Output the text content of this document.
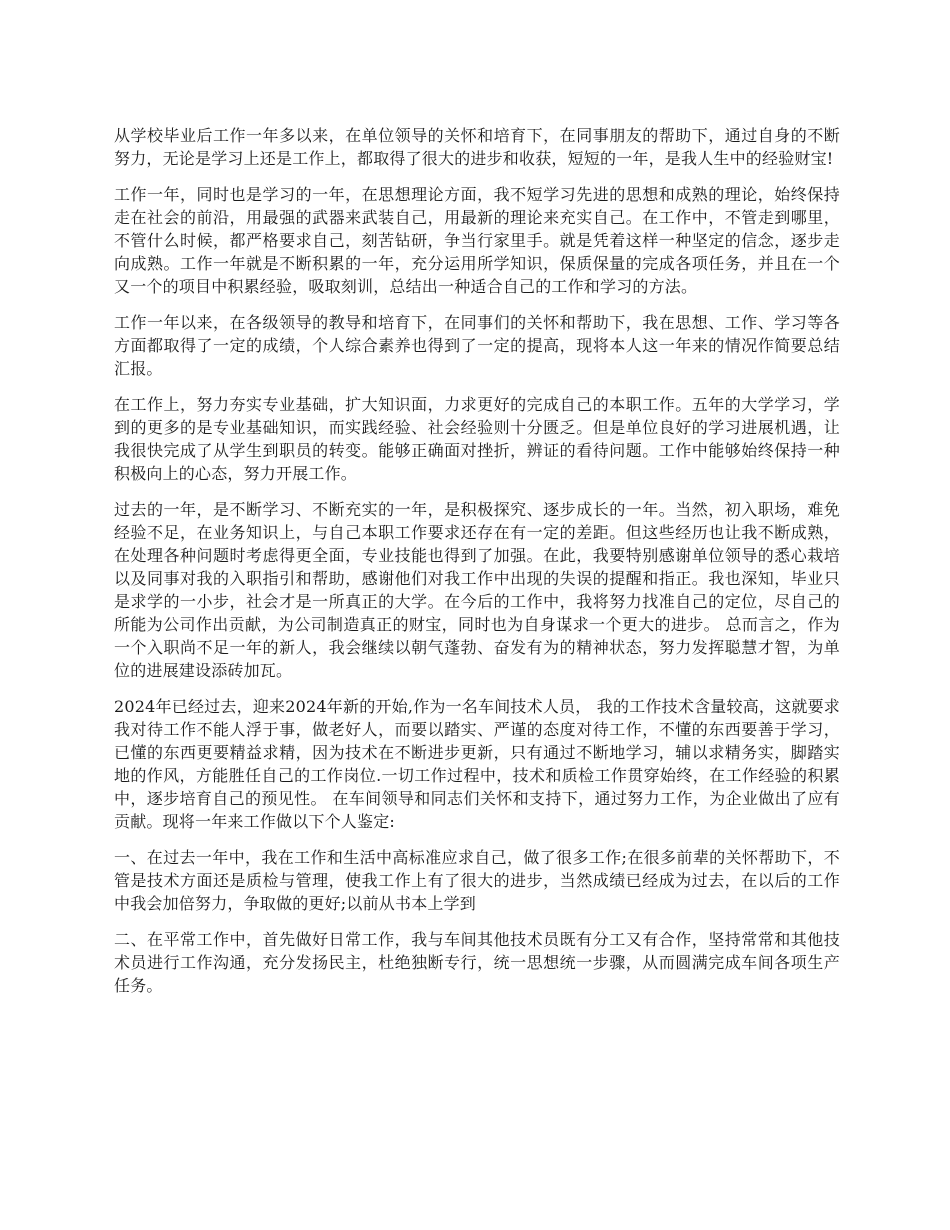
从学校毕业后工作一年多以来，在单位领导的关怀和培育下，在同事朋友的帮助下，通过自身的不断努力，无论是学习上还是工作上，都取得了很大的进步和收获，短短的一年，是我人生中的经验财宝!

工作一年，同时也是学习的一年，在思想理论方面，我不短学习先进的思想和成熟的理论，始终保持走在社会的前沿，用最强的武器来武装自己，用最新的理论来充实自己。在工作中，不管走到哪里，不管什么时候，都严格要求自己，刻苦钻研，争当行家里手。就是凭着这样一种坚定的信念，逐步走向成熟。工作一年就是不断积累的一年，充分运用所学知识，保质保量的完成各项任务，并且在一个又一个的项目中积累经验，吸取刻训，总结出一种适合自己的工作和学习的方法。

工作一年以来，在各级领导的教导和培育下，在同事们的关怀和帮助下，我在思想、工作、学习等各方面都取得了一定的成绩，个人综合素养也得到了一定的提高，现将本人这一年来的情况作简要总结汇报。

在工作上，努力夯实专业基础，扩大知识面，力求更好的完成自己的本职工作。五年的大学学习，学到的更多的是专业基础知识，而实践经验、社会经验则十分匮乏。但是单位良好的学习进展机遇，让我很快完成了从学生到职员的转变。能够正确面对挫折，辨证的看待问题。工作中能够始终保持一种积极向上的心态，努力开展工作。

过去的一年，是不断学习、不断充实的一年，是积极探究、逐步成长的一年。当然，初入职场，难免经验不足，在业务知识上，与自己本职工作要求还存在有一定的差距。但这些经历也让我不断成熟，在处理各种问题时考虑得更全面，专业技能也得到了加强。在此，我要特别感谢单位领导的悉心栽培以及同事对我的入职指引和帮助，感谢他们对我工作中出现的失误的提醒和指正。我也深知，毕业只是求学的一小步，社会才是一所真正的大学。在今后的工作中，我将努力找准自己的定位，尽自己的所能为公司作出贡献，为公司制造真正的财宝，同时也为自身谋求一个更大的进步。 总而言之，作为一个入职尚不足一年的新人，我会继续以朝气蓬勃、奋发有为的精神状态，努力发挥聪慧才智，为单位的进展建设添砖加瓦。

2024年已经过去，迎来2024年新的开始,作为一名车间技术人员， 我的工作技术含量较高，这就要求我对待工作不能人浮于事，做老好人，而要以踏实、严谨的态度对待工作，不懂的东西要善于学习，已懂的东西更要精益求精，因为技术在不断进步更新，只有通过不断地学习，辅以求精务实，脚踏实地的作风，方能胜任自己的工作岗位.一切工作过程中，技术和质检工作贯穿始终，在工作经验的积累中，逐步培育自己的预见性。 在车间领导和同志们关怀和支持下，通过努力工作，为企业做出了应有贡献。现将一年来工作做以下个人鉴定:

一、在过去一年中，我在工作和生活中高标准应求自己，做了很多工作;在很多前辈的关怀帮助下，不管是技术方面还是质检与管理，使我工作上有了很大的进步，当然成绩已经成为过去，在以后的工作中我会加倍努力，争取做的更好;以前从书本上学到

二、在平常工作中，首先做好日常工作，我与车间其他技术员既有分工又有合作，坚持常常和其他技术员进行工作沟通，充分发扬民主，杜绝独断专行，统一思想统一步骤，从而圆满完成车间各项生产任务。
